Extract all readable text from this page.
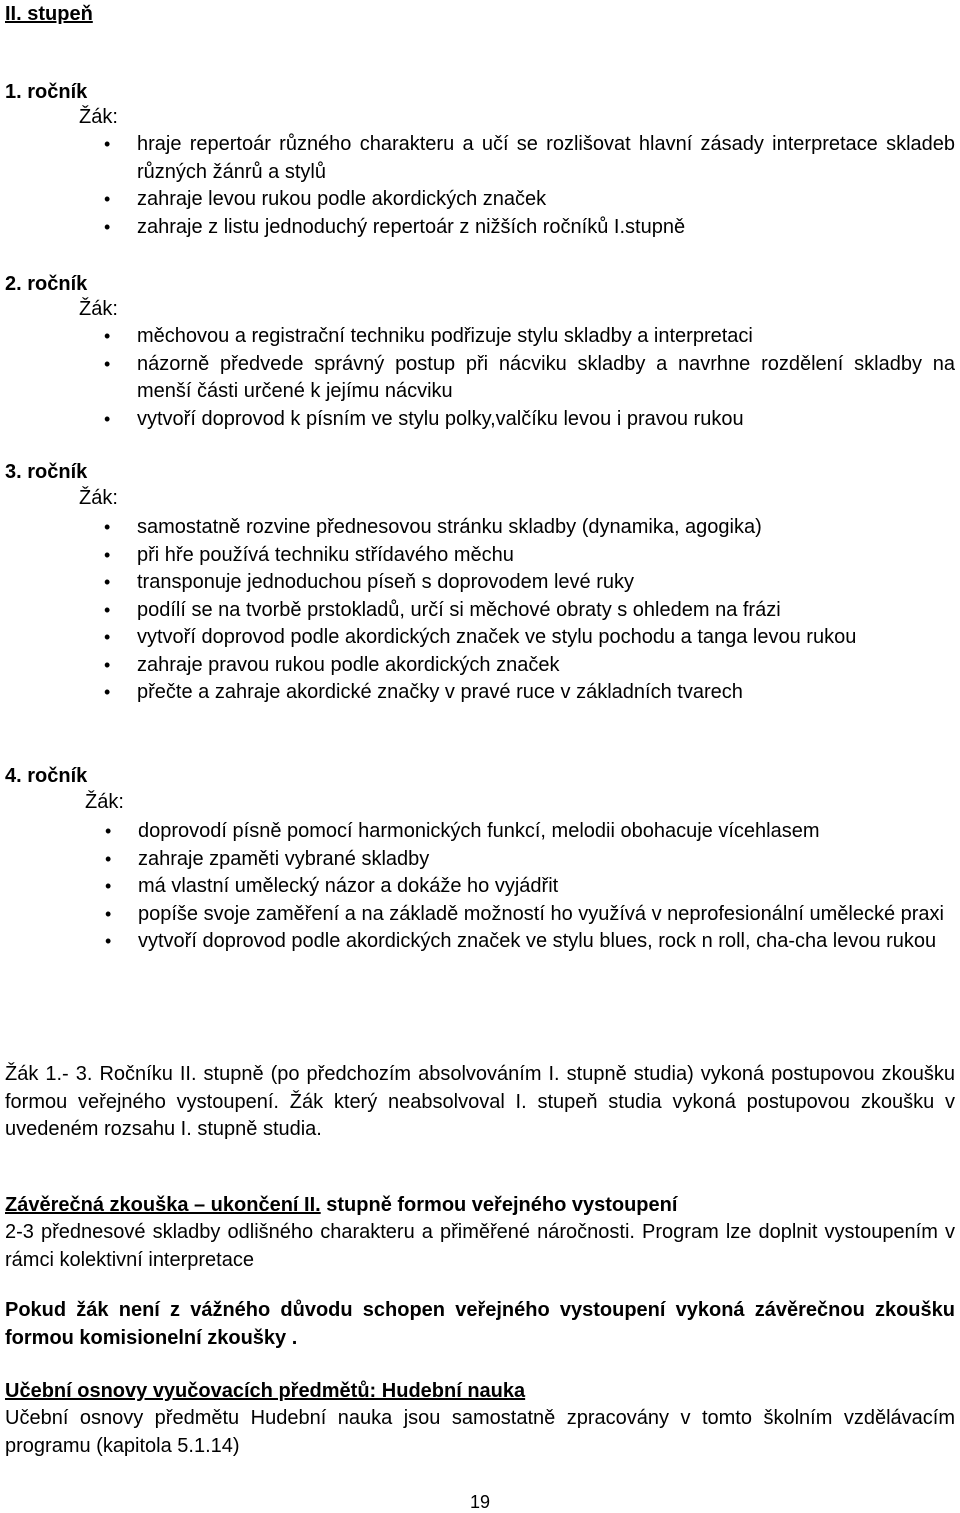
II. stupeň
1. ročník
Žák:
• hraje repertoár různého charakteru a učí se rozlišovat hlavní zásady interpretace skladeb různých žánrů a stylů
• zahraje levou rukou podle akordických značek
• zahraje z listu jednoduchý repertoár z nižších ročníků I.stupně
2. ročník
Žák:
• měchovou a registrační techniku podřizuje stylu skladby a interpretaci
• názorně předvede správný postup při nácviku skladby a navrhne rozdělení skladby na menší části určené k jejímu nácviku
• vytvoří doprovod k písním ve stylu polky,valčíku levou i pravou rukou
3. ročník
Žák:
• samostatně rozvine přednesovou stránku skladby (dynamika, agogika)
• při hře používá techniku střídavého měchu
• transponuje jednoduchou píseň s doprovodem levé ruky
• podílí se na tvorbě prstokladů, určí si měchové obraty s ohledem na frázi
• vytvoří doprovod podle akordických značek ve stylu pochodu a tanga levou rukou
• zahraje pravou rukou podle akordických značek
• přečte a zahraje akordické značky v pravé ruce v základních tvarech
4. ročník
Žák:
• doprovodí písně pomocí harmonických funkcí, melodii obohacuje vícehlasem
• zahraje zpaměti vybrané skladby
• má vlastní umělecký názor a dokáže ho vyjádřit
• popíše svoje zaměření a na základě možností ho využívá v neprofesionální umělecké praxi
• vytvoří doprovod podle akordických značek ve stylu blues, rock n roll, cha-cha levou rukou
Žák 1.- 3. Ročníku II. stupně (po předchozím absolvováním I. stupně studia) vykoná postupovou zkoušku formou veřejného vystoupení. Žák který neabsolvoval I. stupeň studia vykoná postupovou zkoušku v uvedeném rozsahu I. stupně studia.
Závěrečná zkouška – ukončení II. stupně formou veřejného vystoupení
2-3 přednesové skladby odlišného charakteru a přiměřené náročnosti. Program lze doplnit vystoupením v rámci kolektivní interpretace
Pokud žák není z vážného důvodu schopen veřejného vystoupení vykoná závěrečnou zkoušku formou komisionelní zkoušky .
Učební osnovy vyučovacích předmětů: Hudební nauka
Učební osnovy předmětu Hudební nauka jsou samostatně zpracovány v tomto školním vzdělávacím programu (kapitola 5.1.14)
19
